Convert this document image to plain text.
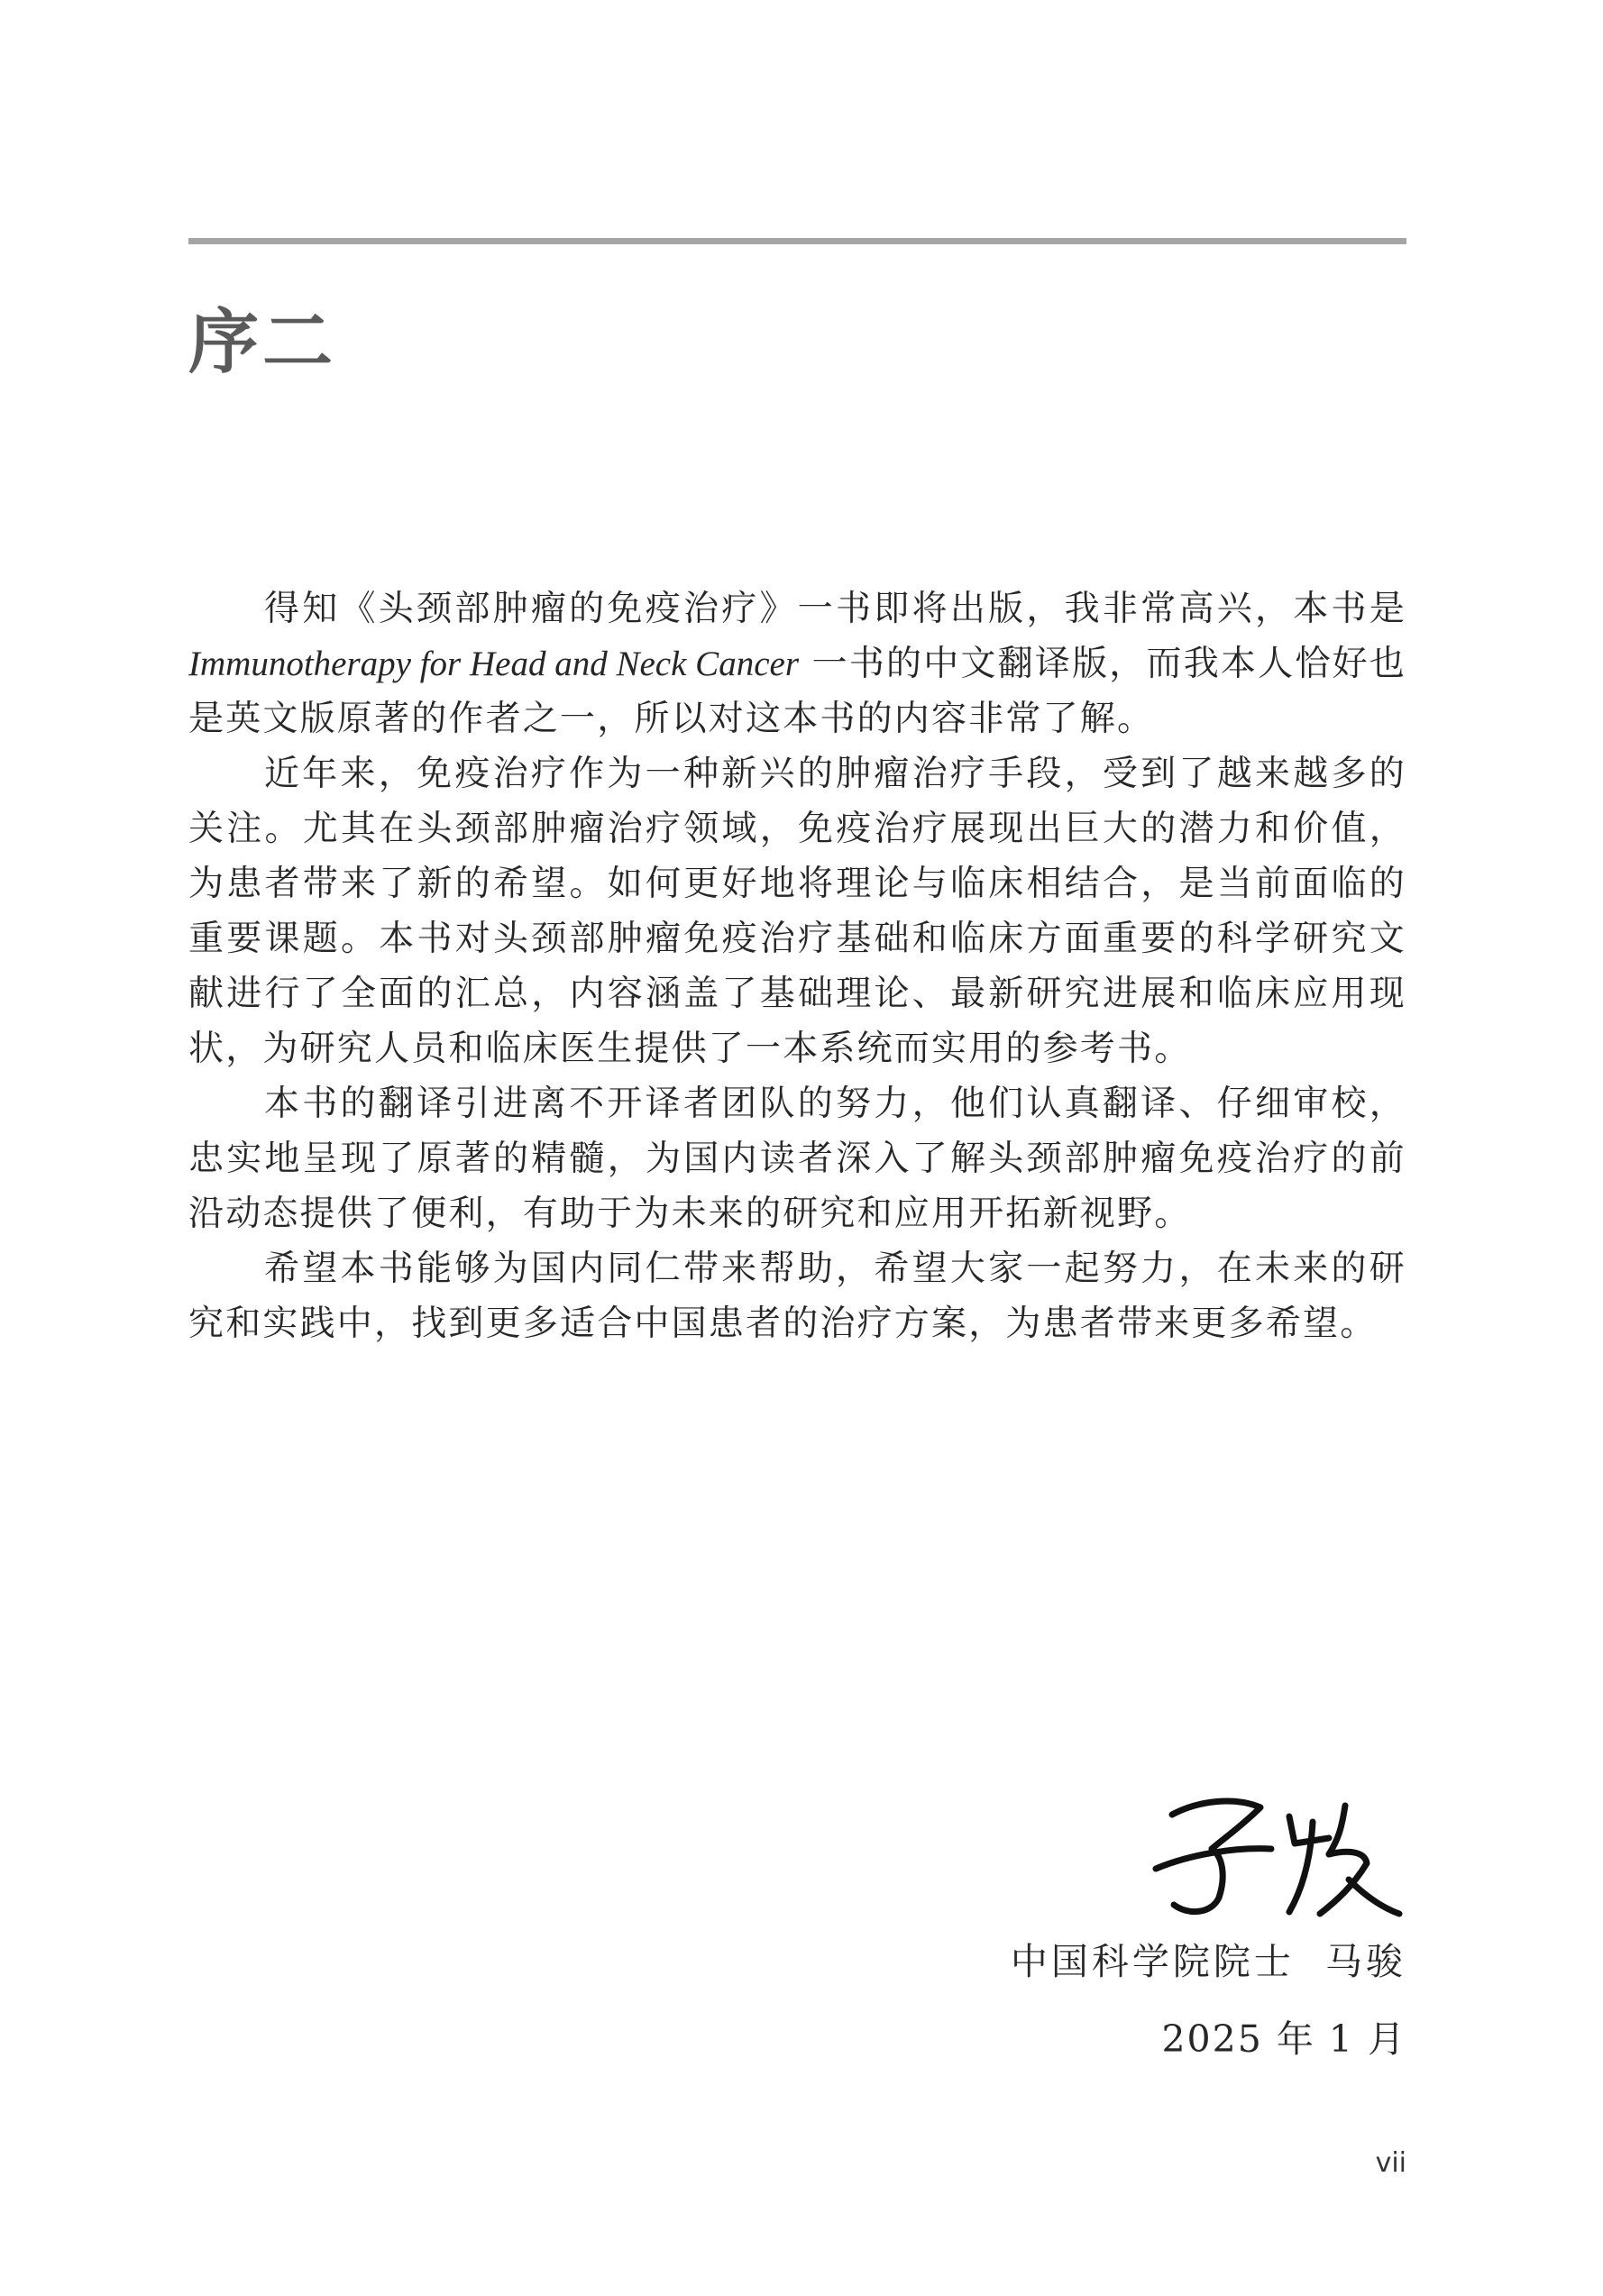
序二

得知《头颈部肿瘤的免疫治疗》一书即将出版，我非常高兴，本书是 Immunotherapy for Head and Neck Cancer 一书的中文翻译版，而我本人恰好也是英文版原著的作者之一，所以对这本书的内容非常了解。

近年来，免疫治疗作为一种新兴的肿瘤治疗手段，受到了越来越多的关注。尤其在头颈部肿瘤治疗领域，免疫治疗展现出巨大的潜力和价值，为患者带来了新的希望。如何更好地将理论与临床相结合，是当前面临的重要课题。本书对头颈部肿瘤免疫治疗基础和临床方面重要的科学研究文献进行了全面的汇总，内容涵盖了基础理论、最新研究进展和临床应用现状，为研究人员和临床医生提供了一本系统而实用的参考书。

本书的翻译引进离不开译者团队的努力，他们认真翻译、仔细审校，忠实地呈现了原著的精髓，为国内读者深入了解头颈部肿瘤免疫治疗的前沿动态提供了便利，有助于为未来的研究和应用开拓新视野。

希望本书能够为国内同仁带来帮助，希望大家一起努力，在未来的研究和实践中，找到更多适合中国患者的治疗方案，为患者带来更多希望。

中国科学院院士 马骏

2025 年 1 月

vii
